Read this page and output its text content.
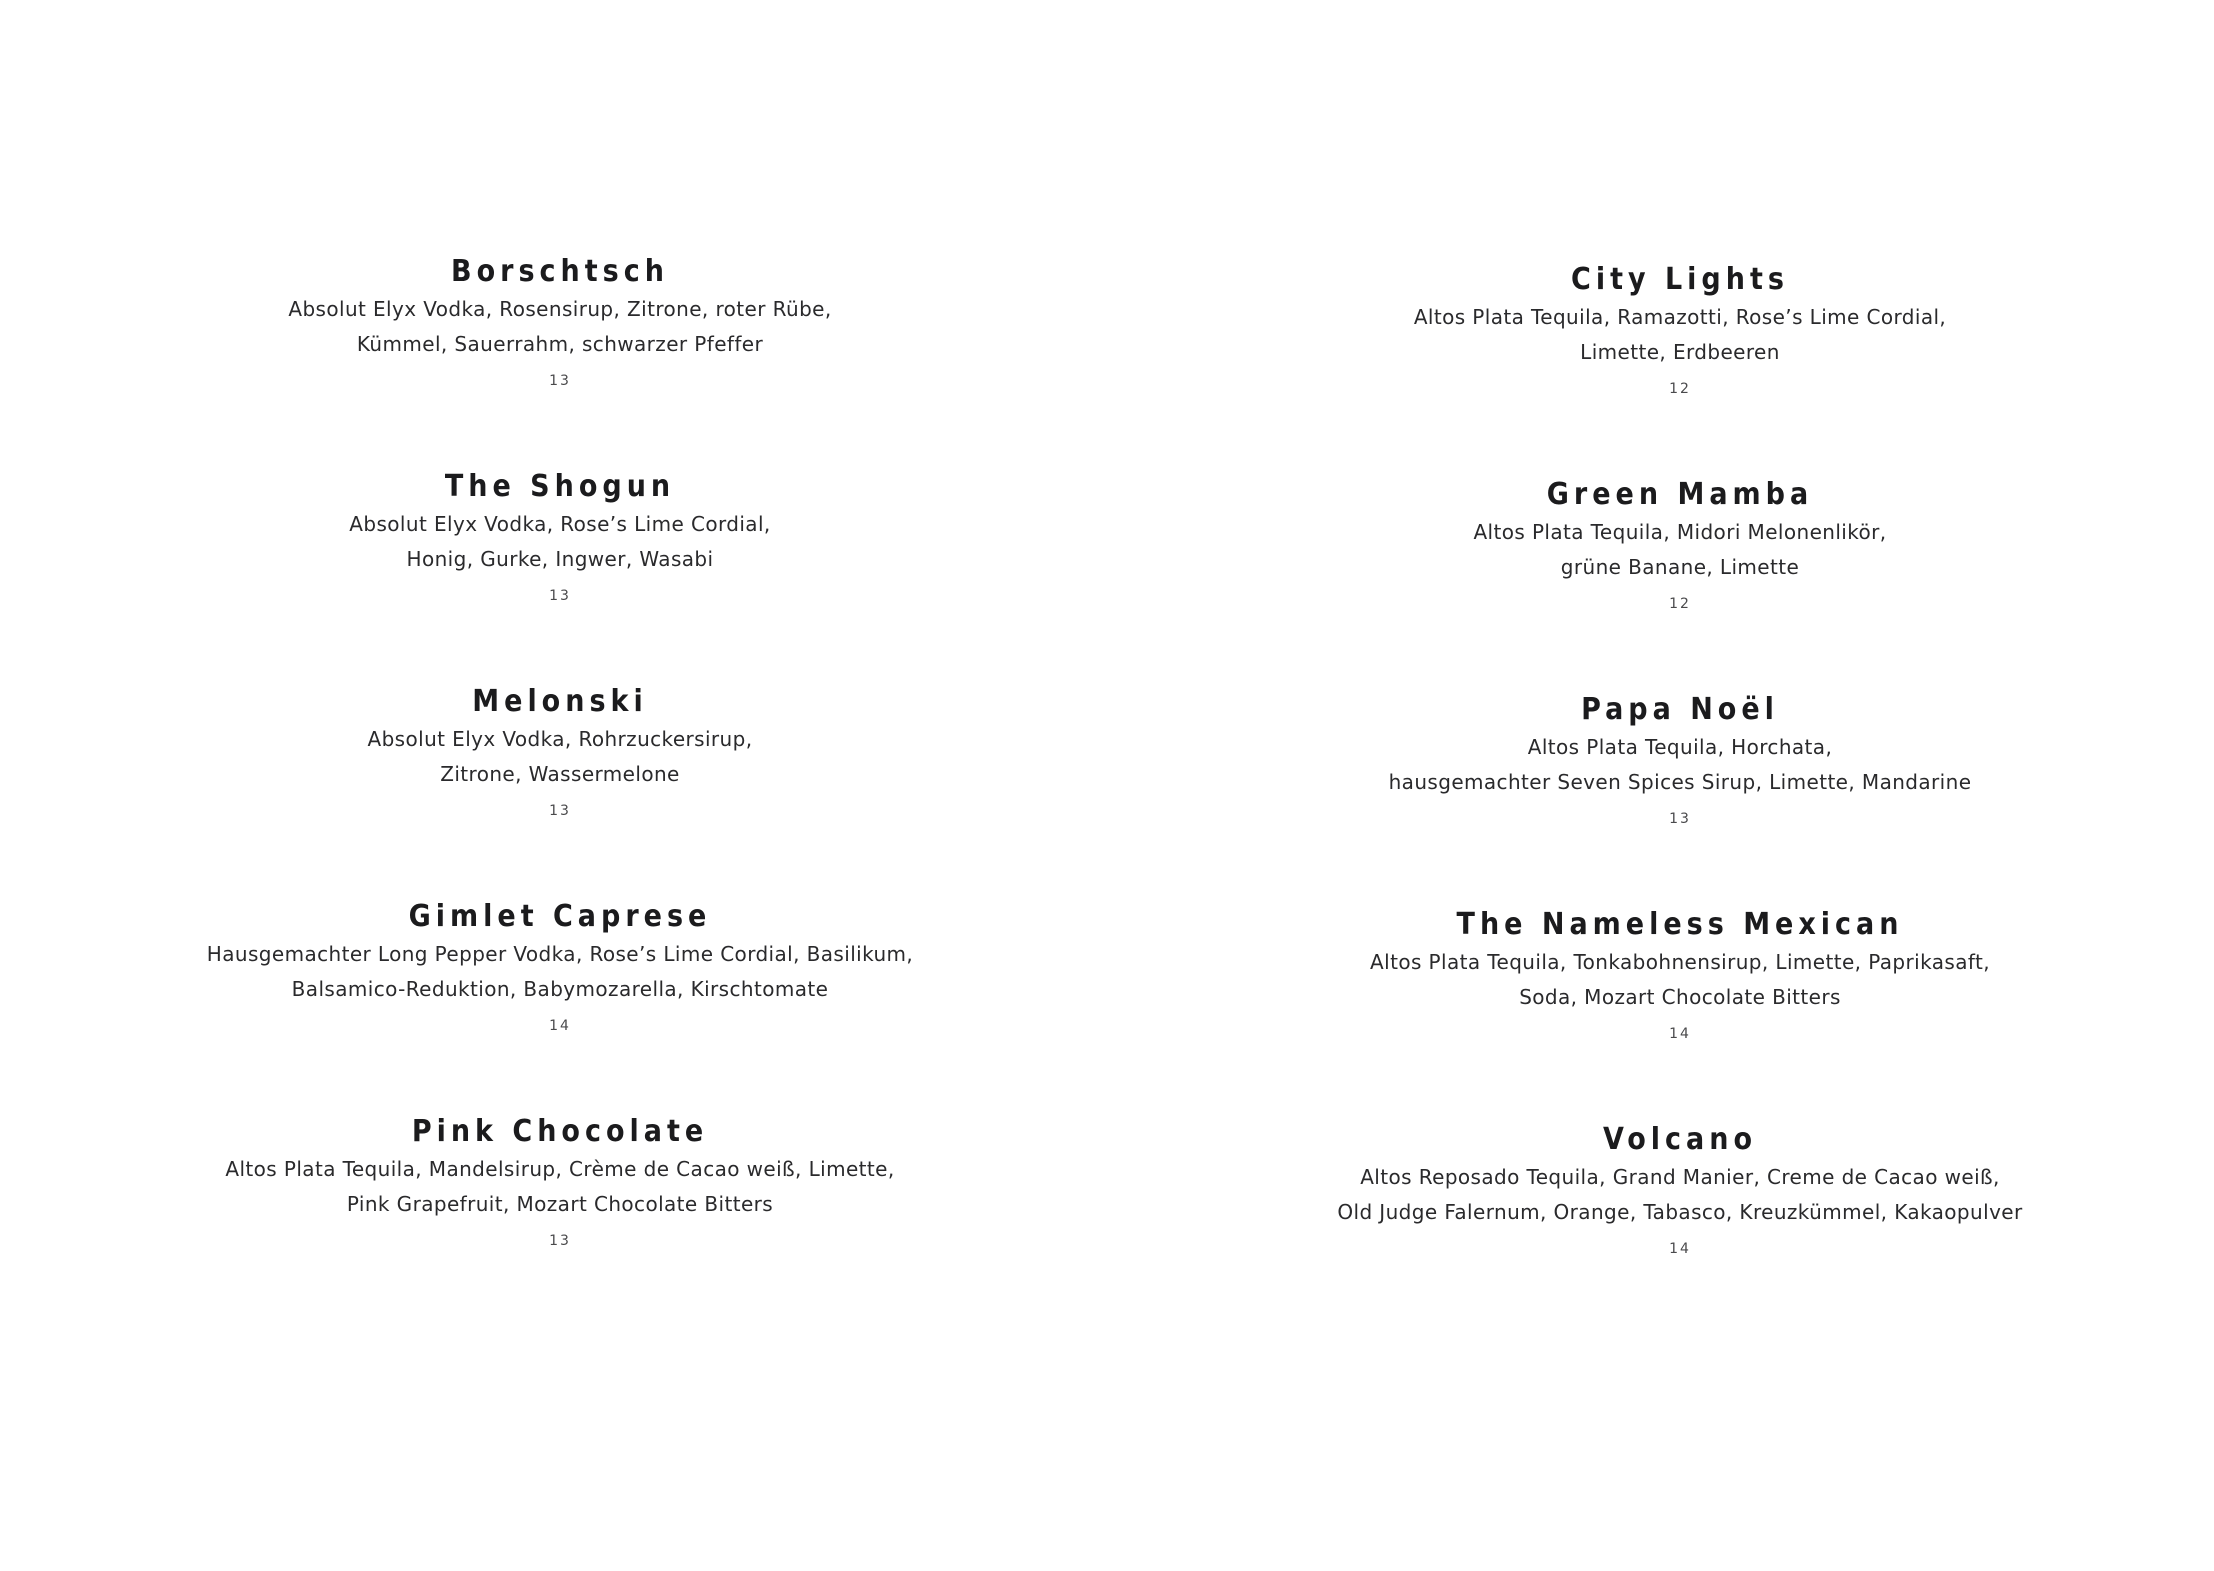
Borschtsch
Absolut Elyx Vodka, Rosensirup, Zitrone, roter Rübe,
Kümmel, Sauerrahm, schwarzer Pfeffer
13
The Shogun
Absolut Elyx Vodka, Rose’s Lime Cordial,
Honig, Gurke, Ingwer, Wasabi
13
Melonski
Absolut Elyx Vodka, Rohrzuckersirup,
Zitrone, Wassermelone
13
Gimlet Caprese
Hausgemachter Long Pepper Vodka, Rose’s Lime Cordial, Basilikum,
Balsamico-Reduktion, Babymozarella, Kirschtomate
14
Pink Chocolate
Altos Plata Tequila, Mandelsirup, Crème de Cacao weiß, Limette,
Pink Grapefruit, Mozart Chocolate Bitters
13
City Lights
Altos Plata Tequila, Ramazotti, Rose’s Lime Cordial,
Limette, Erdbeeren
12
Green Mamba
Altos Plata Tequila, Midori Melonenlikör,
grüne Banane, Limette
12
Papa Noël
Altos Plata Tequila, Horchata,
hausgemachter Seven Spices Sirup, Limette, Mandarine
13
The Nameless Mexican
Altos Plata Tequila, Tonkabohnensirup, Limette, Paprikasaft,
Soda, Mozart Chocolate Bitters
14
Volcano
Altos Reposado Tequila, Grand Manier, Creme de Cacao weiß,
Old Judge Falernum, Orange, Tabasco, Kreuzkümmel, Kakaopulver
14
